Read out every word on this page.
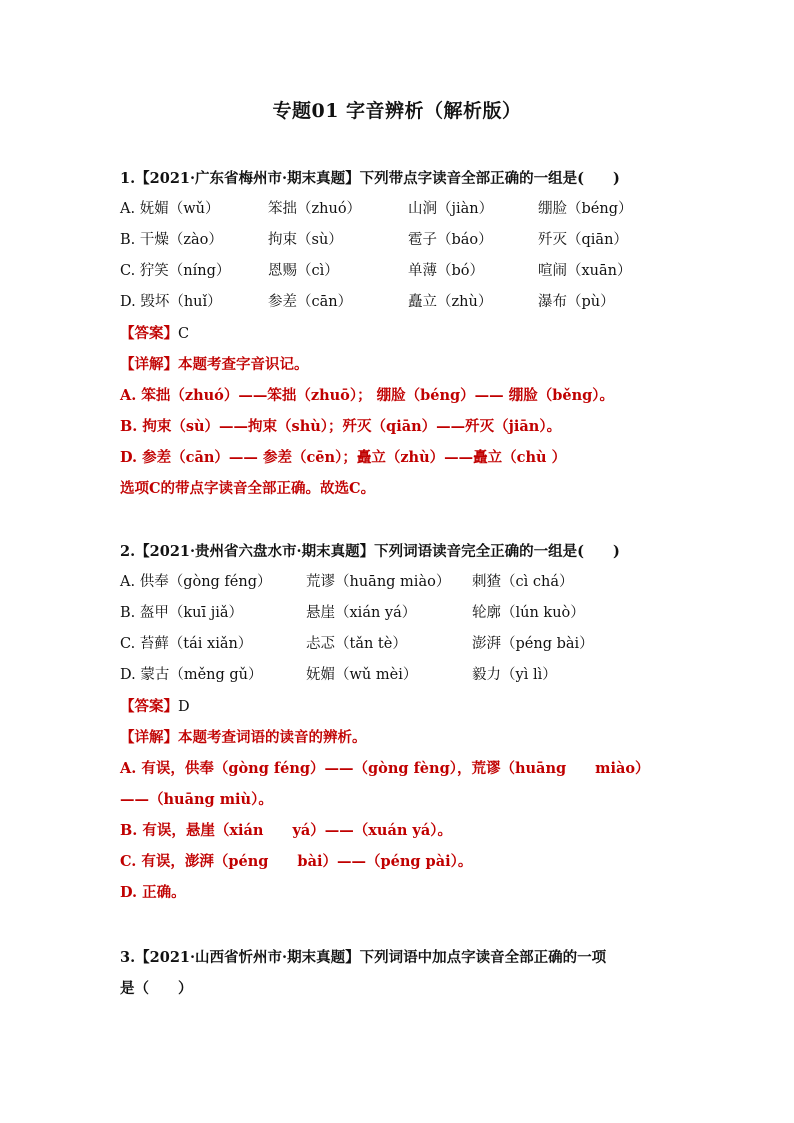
专题01 字音辨析（解析版）
1.【2021·广东省梅州市·期末真题】下列带点字读音全部正确的一组是(　　)
A. 妩媚（wǔ）	笨拙（zhuó）	山涧（jiàn）	绷脸（béng）
B. 干燥（zào）	拘束（sù）	雹子（báo）	歼灭（qiān）
C. 狞笑（níng）	恩赐（cì）	单薄（bó）	喧闹（xuān）
D. 毁坏（huǐ）	参差（cān）	矗立（zhù）	瀑布（pù）
【答案】C
【详解】本题考查字音识记。
A. 笨拙（zhuó）——笨拙（zhuō）； 绷脸（béng）—— 绷脸（běng）。
B. 拘束（sù）——拘束（shù）；歼灭（qiān）——歼灭（jiān）。
D. 参差（cān）—— 参差（cēn）；矗立（zhù）——矗立（chù ）
选项C的带点字读音全部正确。故选C。
2.【2021·贵州省六盘水市·期末真题】下列词语读音完全正确的一组是(　　)
A. 供奉（gòng féng）	荒谬（huāng miào）	刺猹（cì chá）
B. 盔甲（kuī jiǎ）	悬崖（xián yá）	轮廓（lún kuò）
C. 苔藓（tái xiǎn）	忐忑（tǎn tè）	澎湃（péng bài）
D. 蒙古（měng gǔ）	妩媚（wǔ mèi）	毅力（yì lì）
【答案】D
【详解】本题考查词语的读音的辨析。
A. 有误，供奉（gòng féng）——（gòng fèng），荒谬（huāng　　miào）
——（huāng miù）。
B. 有误，悬崖（xián　　yá）——（xuán yá）。
C. 有误，澎湃（péng　　bài）——（péng pài）。
D. 正确。
3.【2021·山西省忻州市·期末真题】下列词语中加点字读音全部正确的一项
是（　　）
